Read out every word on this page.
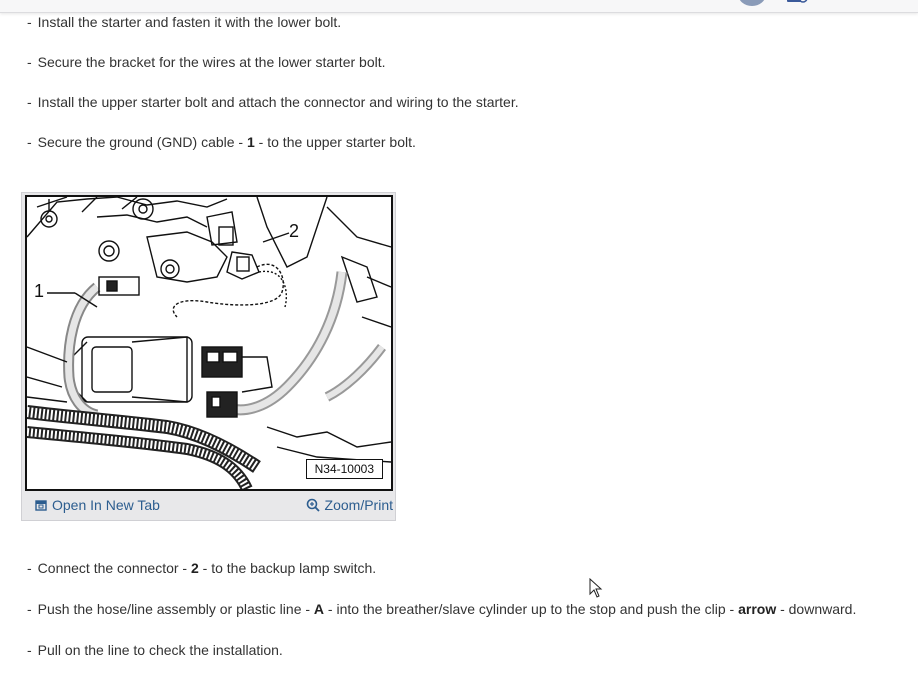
- Install the starter and fasten it with the lower bolt.
- Secure the bracket for the wires at the lower starter bolt.
- Install the upper starter bolt and attach the connector and wiring to the starter.
- Secure the ground (GND) cable - 1 - to the upper starter bolt.
1
2
N34-10003
Open In New Tab	Zoom/Print
- Connect the connector - 2 - to the backup lamp switch.
- Push the hose/line assembly or plastic line - A - into the breather/slave cylinder up to the stop and push the clip - arrow - downward.
- Pull on the line to check the installation.
